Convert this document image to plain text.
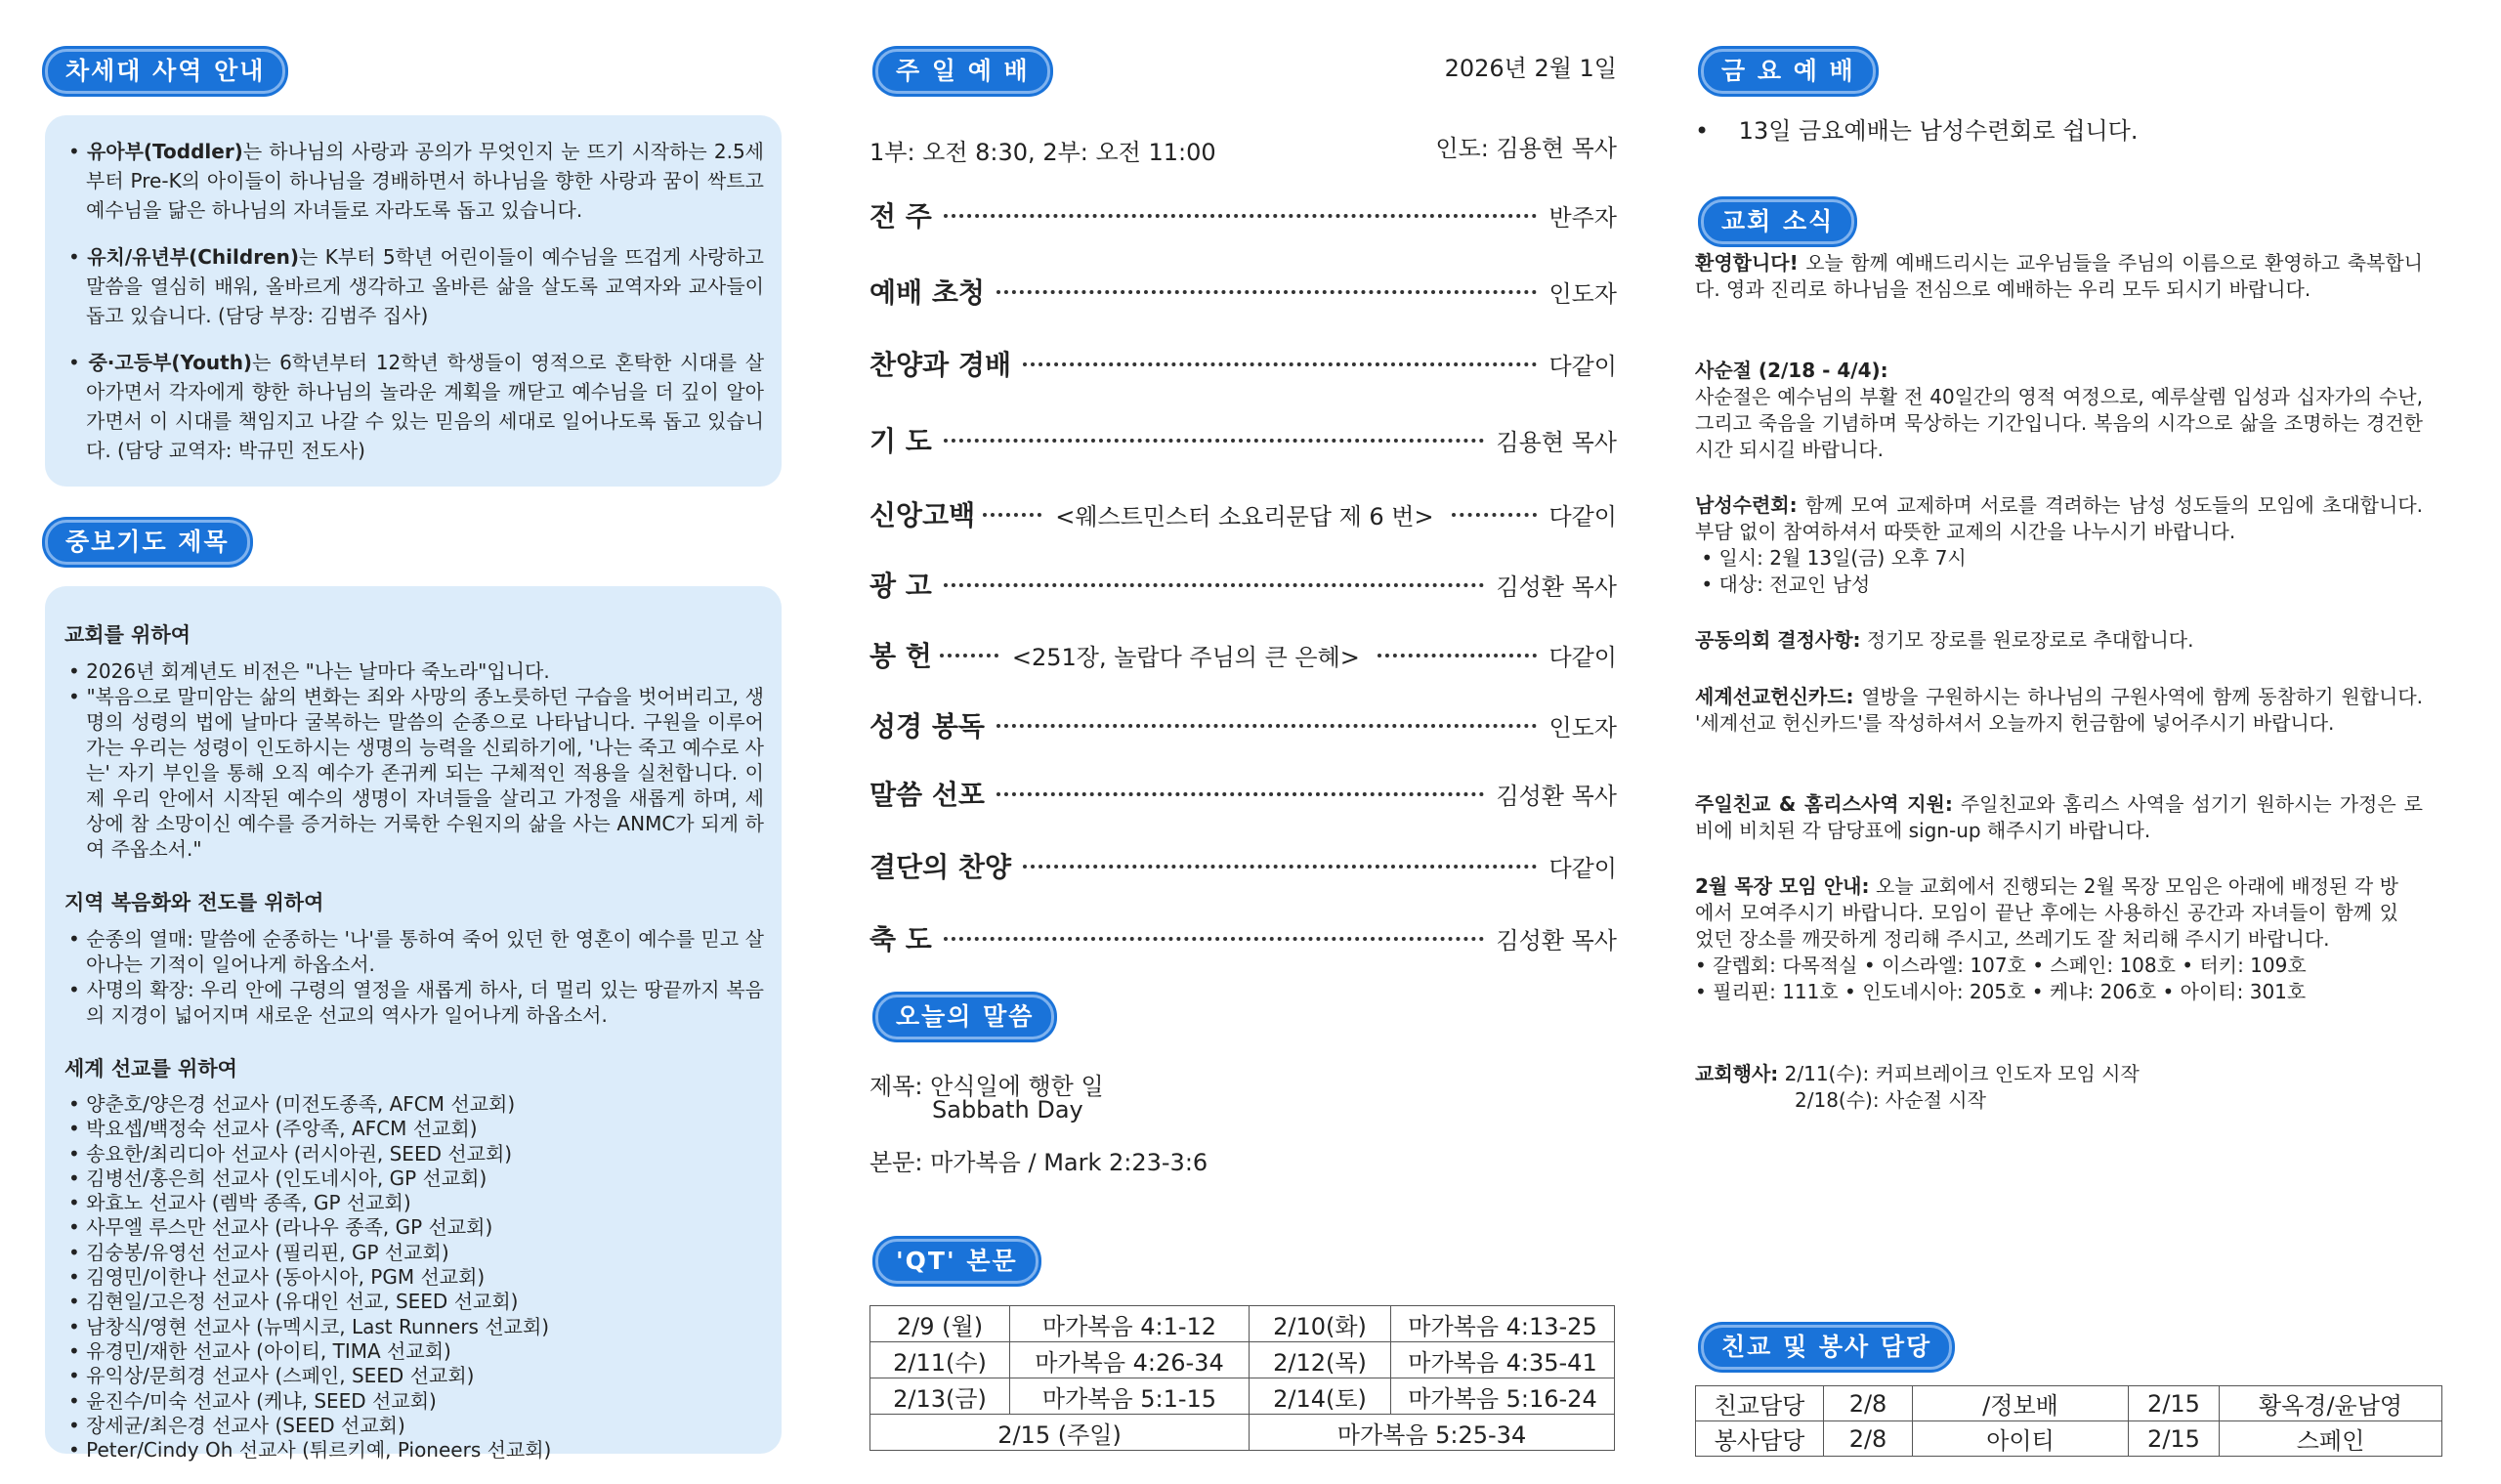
차세대 사역 안내
• 유아부(Toddler)는 하나님의 사랑과 공의가 무엇인지 눈 뜨기 시작하는 2.5세부터 Pre-K의 아이들이 하나님을 경배하면서 하나님을 향한 사랑과 꿈이 싹트고 예수님을 닮은 하나님의 자녀들로 자라도록 돕고 있습니다.
• 유치/유년부(Children)는 K부터 5학년 어린이들이 예수님을 뜨겁게 사랑하고 말씀을 열심히 배워, 올바르게 생각하고 올바른 삶을 살도록 교역자와 교사들이 돕고 있습니다. (담당 부장: 김범주 집사)
• 중·고등부(Youth)는 6학년부터 12학년 학생들이 영적으로 혼탁한 시대를 살아가면서 각자에게 향한 하나님의 놀라운 계획을 깨닫고 예수님을 더 깊이 알아가면서 이 시대를 책임지고 나갈 수 있는 믿음의 세대로 일어나도록 돕고 있습니다. (담당 교역자: 박규민 전도사)
중보기도 제목
교회를 위하여
• 2026년 회계년도 비전은 "나는 날마다 죽노라"입니다.
• "복음으로 말미암는 삶의 변화는 죄와 사망의 종노릇하던 구습을 벗어버리고, 생명의 성령의 법에 날마다 굴복하는 말씀의 순종으로 나타납니다. 구원을 이루어가는 우리는 성령이 인도하시는 생명의 능력을 신뢰하기에, '나는 죽고 예수로 사는' 자기 부인을 통해 오직 예수가 존귀케 되는 구체적인 적용을 실천합니다. 이제 우리 안에서 시작된 예수의 생명이 자녀들을 살리고 가정을 새롭게 하며, 세상에 참 소망이신 예수를 증거하는 거룩한 수원지의 삶을 사는 ANMC가 되게 하여 주옵소서."
지역 복음화와 전도를 위하여
• 순종의 열매: 말씀에 순종하는 '나'를 통하여 죽어 있던 한 영혼이 예수를 믿고 살아나는 기적이 일어나게 하옵소서.
• 사명의 확장: 우리 안에 구령의 열정을 새롭게 하사, 더 멀리 있는 땅끝까지 복음의 지경이 넓어지며 새로운 선교의 역사가 일어나게 하옵소서.
세계 선교를 위하여
• 양춘호/양은경 선교사 (미전도종족, AFCM 선교회)
• 박요셉/백정숙 선교사 (주앙족, AFCM 선교회)
• 송요한/최리디아 선교사 (러시아권, SEED 선교회)
• 김병선/홍은희 선교사 (인도네시아, GP 선교회)
• 와효노 선교사 (렘박 종족, GP 선교회)
• 사무엘 루스만 선교사 (라나우 종족, GP 선교회)
• 김숭봉/유영선 선교사 (필리핀, GP 선교회)
• 김영민/이한나 선교사 (동아시아, PGM 선교회)
• 김현일/고은정 선교사 (유대인 선교, SEED 선교회)
• 남창식/영현 선교사 (뉴멕시코, Last Runners 선교회)
• 유경민/재한 선교사 (아이티, TIMA 선교회)
• 유익상/문희경 선교사 (스페인, SEED 선교회)
• 윤진수/미숙 선교사 (케냐, SEED 선교회)
• 장세균/최은경 선교사 (SEED 선교회)
• Peter/Cindy Oh 선교사 (튀르키예, Pioneers 선교회)
주 일 예 배	2026년 2월 1일
1부: 오전 8:30, 2부: 오전 11:00	인도: 김용현 목사
전 주	반주자
예배 초청	인도자
찬양과 경배	다같이
기 도	김용현 목사
신앙고백	<웨스트민스터 소요리문답 제 6 번>	다같이
광 고	김성환 목사
봉 헌	<251장, 놀랍다 주님의 큰 은혜>	다같이
성경 봉독	인도자
말씀 선포	김성환 목사
결단의 찬양	다같이
축 도	김성환 목사
오늘의 말씀
제목: 안식일에 행한 일
Sabbath Day
본문: 마가복음 / Mark 2:23-3:6
'QT' 본문
2/9 (월)	마가복음 4:1-12	2/10(화)	마가복음 4:13-25
2/11(수)	마가복음 4:26-34	2/12(목)	마가복음 4:35-41
2/13(금)	마가복음 5:1-15	2/14(토)	마가복음 5:16-24
2/15 (주일)		마가복음 5:25-34	
금 요 예 배
•    13일 금요예배는 남성수련회로 쉽니다.
교회 소식
환영합니다! 오늘 함께 예배드리시는 교우님들을 주님의 이름으로 환영하고 축복합니다. 영과 진리로 하나님을 전심으로 예배하는 우리 모두 되시기 바랍니다.
사순절 (2/18 - 4/4):
사순절은 예수님의 부활 전 40일간의 영적 여정으로, 예루살렘 입성과 십자가의 수난, 그리고 죽음을 기념하며 묵상하는 기간입니다. 복음의 시각으로 삶을 조명하는 경건한 시간 되시길 바랍니다.
남성수련회: 함께 모여 교제하며 서로를 격려하는 남성 성도들의 모임에 초대합니다. 부담 없이 참여하셔서 따뜻한 교제의 시간을 나누시기 바랍니다.
• 일시: 2월 13일(금) 오후 7시
• 대상: 전교인 남성
공동의회 결정사항: 정기모 장로를 원로장로로 추대합니다.
세계선교헌신카드: 열방을 구원하시는 하나님의 구원사역에 함께 동참하기 원합니다. '세계선교 헌신카드'를 작성하셔서 오늘까지 헌금함에 넣어주시기 바랍니다.
주일친교 & 홈리스사역 지원: 주일친교와 홈리스 사역을 섬기기 원하시는 가정은 로비에 비치된 각 담당표에 sign-up 해주시기 바랍니다.
2월 목장 모임 안내: 오늘 교회에서 진행되는 2월 목장 모임은 아래에 배정된 각 방에서 모여주시기 바랍니다. 모임이 끝난 후에는 사용하신 공간과 자녀들이 함께 있었던 장소를 깨끗하게 정리해 주시고, 쓰레기도 잘 처리해 주시기 바랍니다.
• 갈렙회: 다목적실 • 이스라엘: 107호 • 스페인: 108호 • 터키: 109호
• 필리핀: 111호 • 인도네시아: 205호 • 케냐: 206호 • 아이티: 301호
교회행사: 2/11(수): 커피브레이크 인도자 모임 시작
2/18(수): 사순절 시작
친교 및 봉사 담당
친교담당	2/8	/정보배	2/15	황옥경/윤남영
봉사담당	2/8	아이티	2/15	스페인
